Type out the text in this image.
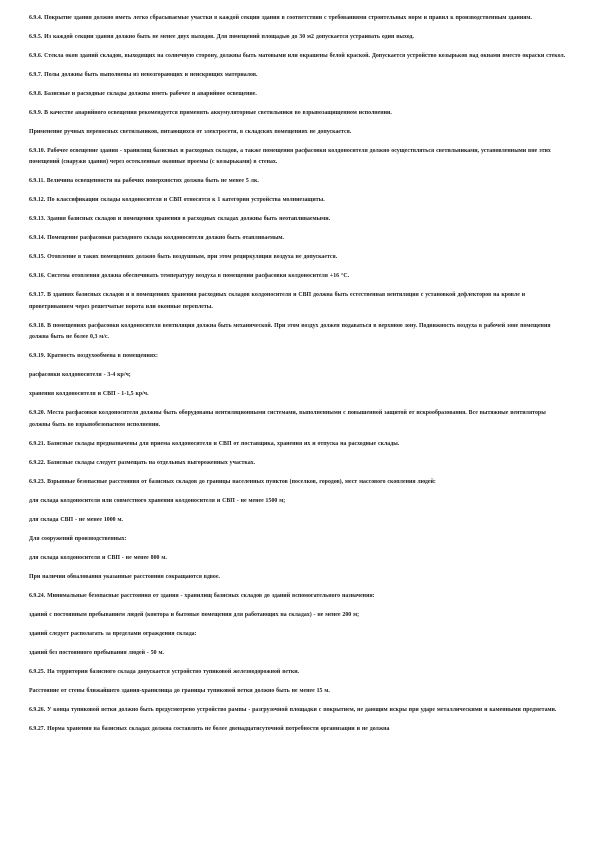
6.9.4. Покрытие здания должно иметь легко сбрасываемые участки в каждой секции здания в соответствии с требованиями строительных норм и правил к производственным зданиям.

6.9.5. Из каждой секции здания должно быть не менее двух выходов. Для помещений площадью до 30 м2 допускается устраивать один выход.

6.9.6. Стекла окон зданий складов, выходящих на солнечную сторону, должны быть матовыми или окрашены белой краской. Допускается устройство козырьков над окнами вместо окраски стекол.

6.9.7. Полы должны быть выполнены из невозгорающих и неискрящих материалов.

6.9.8. Базисные и расходные склады должны иметь рабочее и аварийное освещение.

6.9.9. В качестве аварийного освещения рекомендуется применять аккумуляторные светильники во взрывозащищенном исполнении.

Применение ручных переносных светильников, питающихся от электросети, в складских помещениях не допускается.

6.9.10. Рабочее освещение здания - хранилищ базисных и расходных складов, а также помещения расфасовки колдоносителя должно осуществляться светильниками, установленными вне этих помещений (снаружи здания) через остекленные оконные проемы (с козырьками) в стенах.

6.9.11. Величина освещенности на рабочих поверхностях должна быть не менее 5 лк.

6.9.12. По классификации склады колдоносителя и СВП относятся к 1 категории устройства молниезащиты.

6.9.13. Здания базисных складов и помещения хранения в расходных складах должны быть неотапливаемыми.

6.9.14. Помещение расфасовки расходного склада колдоносителя должно быть отапливаемым.

6.9.15. Отопление в таких помещениях должно быть воздушным, при этом рециркуляция воздуха не допускается.

6.9.16. Система отопления должна обеспечивать температуру воздуха в помещении расфасовки колдоносителя +16 °С.

6.9.17. В зданиях базисных складов и в помещениях хранения расходных складов колдоносителя и СВП должна быть естественная вентиляция с установкой дефлекторов на кровле и проветриванием через решетчатые ворота или оконные переплеты.

6.9.18. В помещениях расфасовки колдоносителя вентиляция должна быть механической. При этом воздух должен подаваться в верхнюю зону. Подвижность воздуха в рабочей зоне помещения должна быть не более 0,3 м/с.

6.9.19. Кратность воздухообмена в помещениях:

расфасовки колдоносителя - 3-4 кр/ч;

хранения колдоносителя и СВП - 1-1,5 кр/ч.

6.9.20. Места расфасовки колдоносителя должны быть оборудованы вентиляционными системами, выполненными с повышенной защитой от искрообразования. Все вытяжные вентиляторы должны быть во взрывобезопасном исполнении.

6.9.21. Базисные склады предназначены для приема колдоносителя и СВП от поставщика, хранения их и отпуска на расходные склады.

6.9.22. Базисные склады следует размещать на отдельных выгороженных участках.

6.9.23. Взрывные безопасные расстояния от базисных складов до границы населенных пунктов (поселков, городов), мест массового скопления людей:

для склада колдоносителя или совместного хранения колдоносителя и СВП - не менее 1500 м;

для склада СВП - не менее 1000 м.

Для сооружений производственных:

для склада колдоносителя и СВП - не менее 800 м.

При наличии обвалования указанные расстояния сокращаются вдвое.

6.9.24. Минимальные безопасные расстояния от здания - хранилищ базисных складов до зданий вспомогательного назначения:

зданий с постоянным пребыванием людей (контора и бытовые помещения для работающих на складах) - не менее 200 м;

зданий следует располагать за пределами ограждения склада:

зданий без постоянного пребывания людей - 50 м.

6.9.25. На территории базисного склада допускается устройство тупиковой железнодорожной ветки.

Расстояние от стены ближайшего здания-хранилища до границы тупиковой ветки должно быть не менее 15 м.

6.9.26. У конца тупиковой ветки должно быть предусмотрено устройство рампы - разгрузочной площадки с покрытием, не дающим искры при ударе металлическими и каменными предметами.

6.9.27. Норма хранения на базисных складах должна составлять не более двенадцатисуточной потребности организации и не должна
